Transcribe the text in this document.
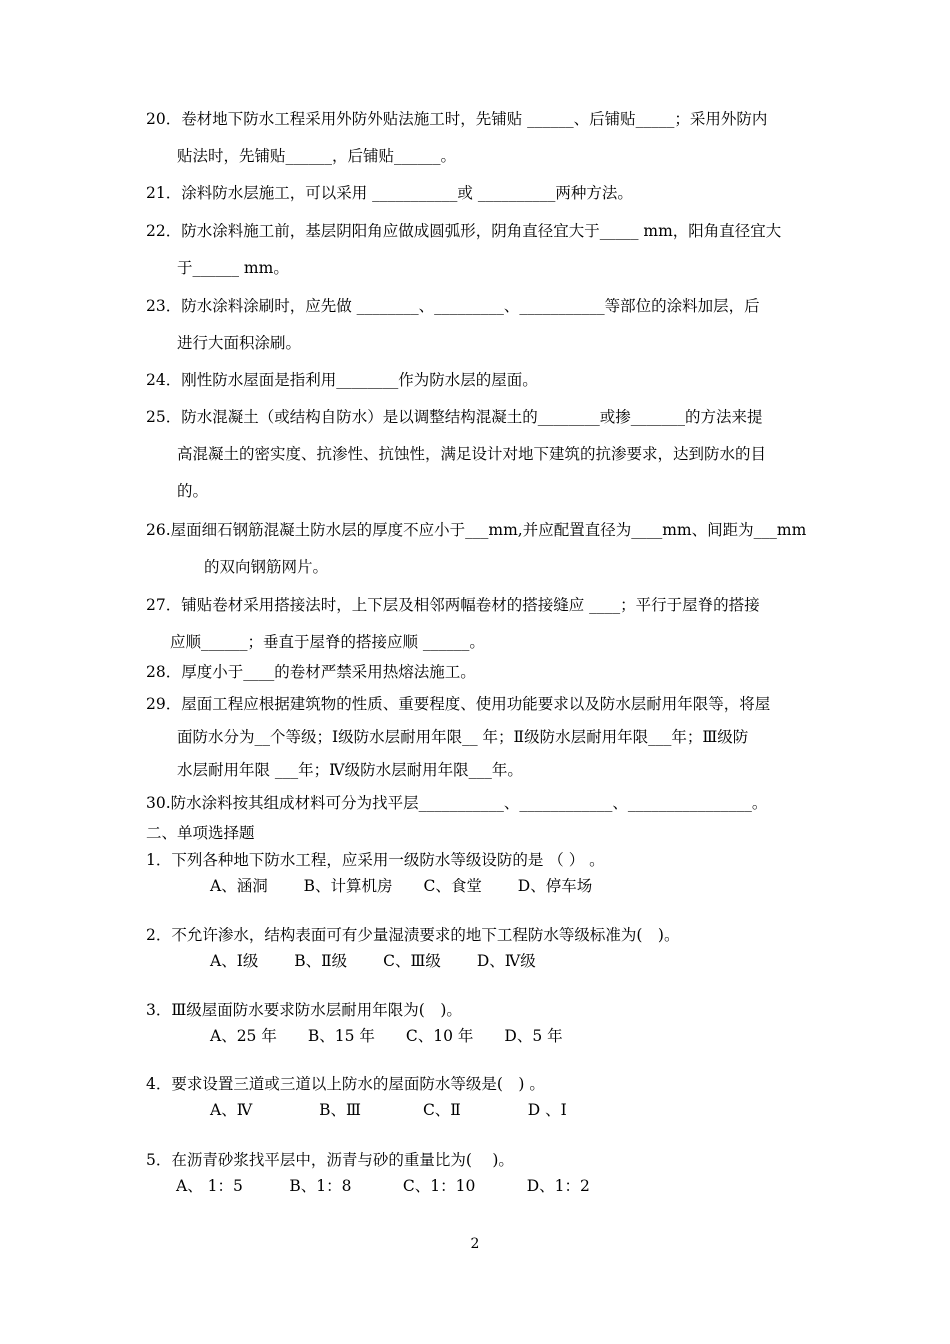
20．卷材地下防水工程采用外防外贴法施工时，先铺贴 ______、后铺贴_____；采用外防内
贴法时，先铺贴______，后铺贴______。
21．涂料防水层施工，可以采用 ___________或 __________两种方法。
22．防水涂料施工前，基层阴阳角应做成圆弧形，阴角直径宜大于_____ mm，阳角直径宜大
于______ mm。
23．防水涂料涂刷时，应先做 ________、_________、___________等部位的涂料加层，后
进行大面积涂刷。
24．刚性防水屋面是指利用________作为防水层的屋面。
25．防水混凝土（或结构自防水）是以调整结构混凝土的________或掺_______的方法来提
高混凝土的密实度、抗渗性、抗蚀性，满足设计对地下建筑的抗渗要求，达到防水的目
的。
26.屋面细石钢筋混凝土防水层的厚度不应小于___mm,并应配置直径为____mm、间距为___mm
的双向钢筋网片。
27．铺贴卷材采用搭接法时，上下层及相邻两幅卷材的搭接缝应 ____；平行于屋脊的搭接
应顺______；垂直于屋脊的搭接应顺 ______。
28．厚度小于____的卷材严禁采用热熔法施工。
29．屋面工程应根据建筑物的性质、重要程度、使用功能要求以及防水层耐用年限等，将屋
面防水分为__个等级；Ⅰ级防水层耐用年限__ 年；Ⅱ级防水层耐用年限___年；Ⅲ级防
水层耐用年限 ___年；Ⅳ级防水层耐用年限___年。
30.防水涂料按其组成材料可分为找平层___________、____________、________________。
二、单项选择题
1．下列各种地下防水工程，应采用一级防水等级设防的是 （ ） 。
A、涵洞　　 B、计算机房　　C、食堂　　 D、停车场
2．不允许渗水，结构表面可有少量湿渍要求的地下工程防水等级标准为(　)。
A、Ⅰ级　　 B、Ⅱ级　　 C、Ⅲ级　　 D、Ⅳ级
3．Ⅲ级屋面防水要求防水层耐用年限为(　)。
A、25 年　　B、15 年　　C、10 年　　D、5 年
4．要求设置三道或三道以上防水的屋面防水等级是(　) 。
A、Ⅳ　　　　 B、Ⅲ　　　　C、Ⅱ　　　　 D 、Ⅰ
5．在沥青砂浆找平层中，沥青与砂的重量比为(　 )。
A、 1：5　　　B、1：8　　　 C、1：10　　　 D、1：2
2
